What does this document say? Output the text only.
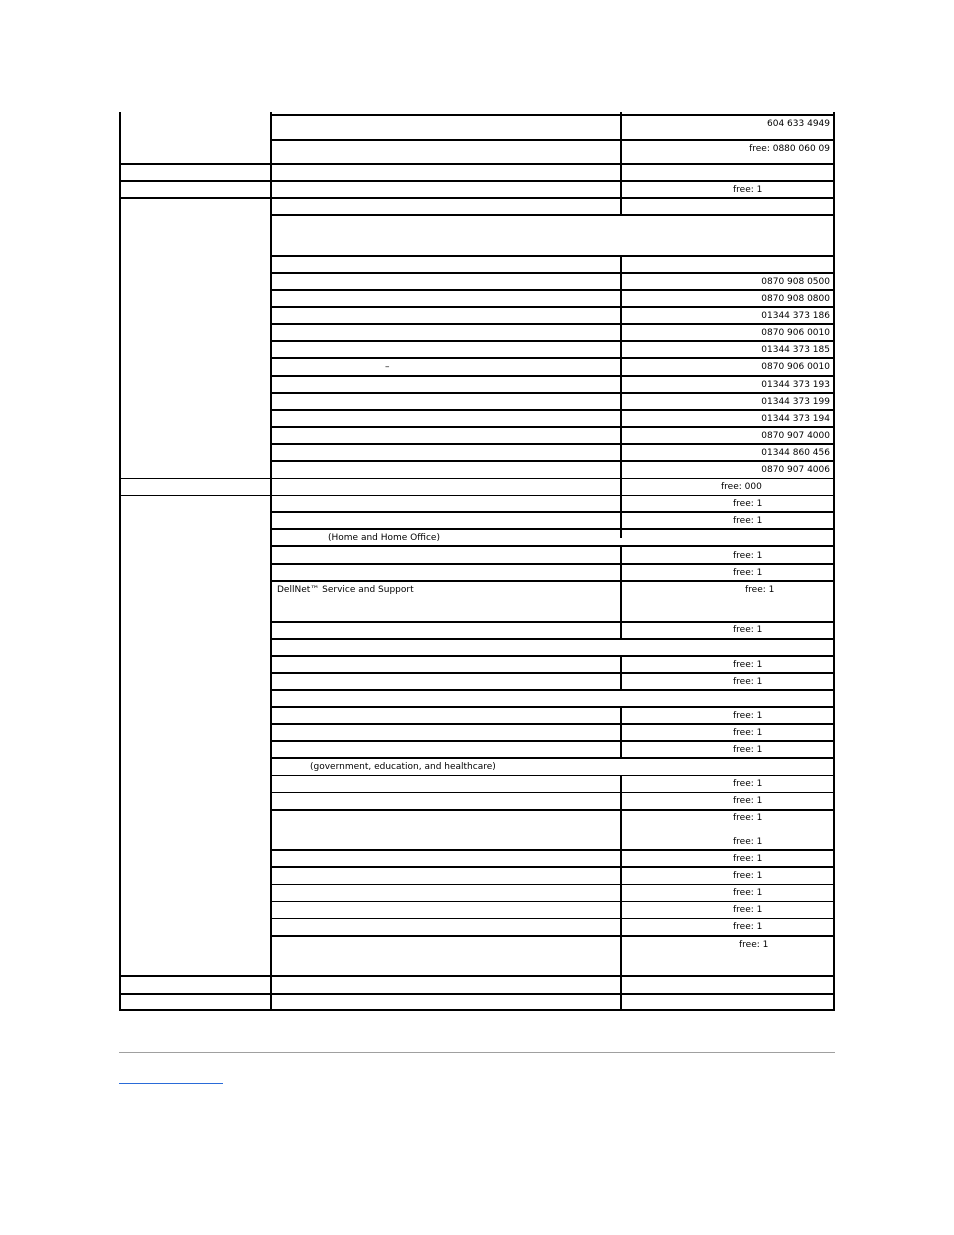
604 633 4949
free: 0880 060 09
free: 1
0870 908 0500
0870 908 0800
01344 373 186
0870 906 0010
01344 373 185
–	0870 906 0010
01344 373 193
01344 373 199
01344 373 194
0870 907 4000
01344 860 456
0870 907 4006
free: 000
free: 1
free: 1
(Home and Home Office)
free: 1
free: 1
DellNet™ Service and Support	free: 1
free: 1
free: 1
free: 1
free: 1
free: 1
free: 1
(government, education, and healthcare)
free: 1
free: 1
free: 1
free: 1
free: 1
free: 1
free: 1
free: 1
free: 1
free: 1
